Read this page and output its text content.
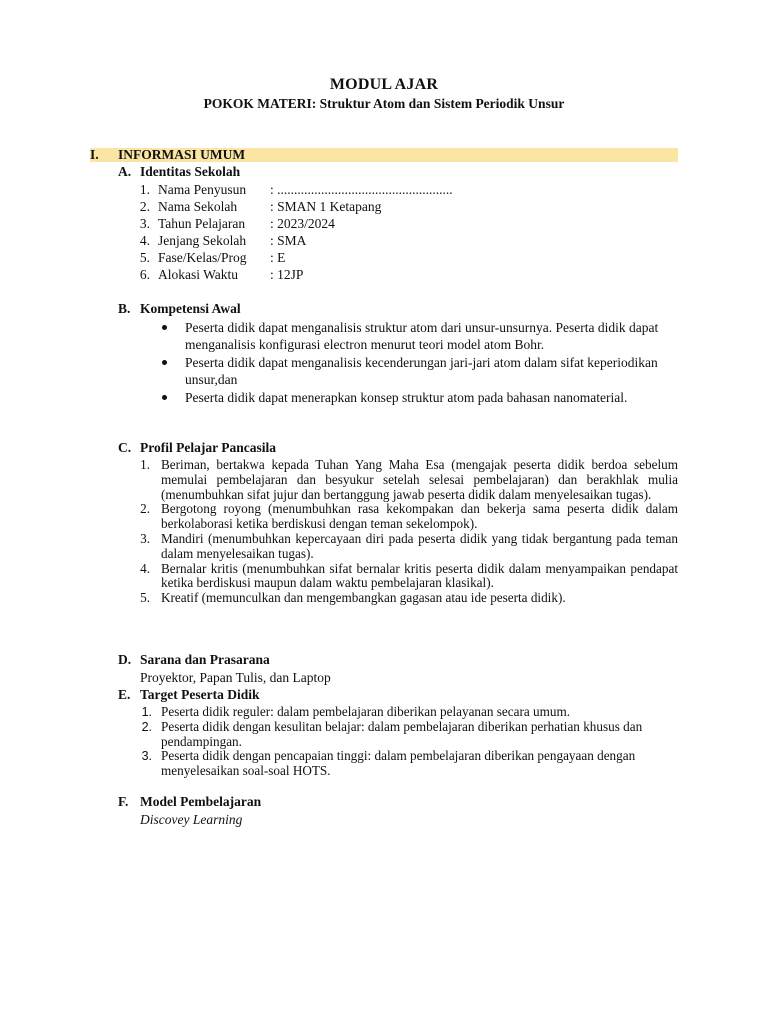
MODUL AJAR
POKOK MATERI: Struktur Atom dan Sistem Periodik Unsur
I. INFORMASI UMUM
A. Identitas Sekolah
1. Nama Penyusun : ....................................................
2. Nama Sekolah : SMAN 1 Ketapang
3. Tahun Pelajaran : 2023/2024
4. Jenjang Sekolah : SMA
5. Fase/Kelas/Prog : E
6. Alokasi Waktu : 12JP
B. Kompetensi Awal
Peserta didik dapat menganalisis struktur atom dari unsur-unsurnya. Peserta didik dapat menganalisis konfigurasi electron menurut teori model atom Bohr.
Peserta didik dapat menganalisis kecenderungan jari-jari atom dalam sifat keperiodikan unsur,dan
Peserta didik dapat menerapkan konsep struktur atom pada bahasan nanomaterial.
C. Profil Pelajar Pancasila
1. Beriman, bertakwa kepada Tuhan Yang Maha Esa (mengajak peserta didik berdoa sebelum memulai pembelajaran dan besyukur setelah selesai pembelajaran) dan berakhlak mulia (menumbuhkan sifat jujur dan bertanggung jawab peserta didik dalam menyelesaikan tugas).
2. Bergotong royong (menumbuhkan rasa kekompakan dan bekerja sama peserta didik dalam berkolaborasi ketika berdiskusi dengan teman sekelompok).
3. Mandiri (menumbuhkan kepercayaan diri pada peserta didik yang tidak bergantung pada teman dalam menyelesaikan tugas).
4. Bernalar kritis (menumbuhkan sifat bernalar kritis peserta didik dalam menyampaikan pendapat ketika berdiskusi maupun dalam waktu pembelajaran klasikal).
5. Kreatif (memunculkan dan mengembangkan gagasan atau ide peserta didik).
D. Sarana dan Prasarana
Proyektor, Papan Tulis, dan Laptop
E. Target Peserta Didik
1. Peserta didik reguler: dalam pembelajaran diberikan pelayanan secara umum.
2. Peserta didik dengan kesulitan belajar: dalam pembelajaran diberikan perhatian khusus dan pendampingan.
3. Peserta didik dengan pencapaian tinggi: dalam pembelajaran diberikan pengayaan dengan menyelesaikan soal-soal HOTS.
F. Model Pembelajaran
Discovey Learning
